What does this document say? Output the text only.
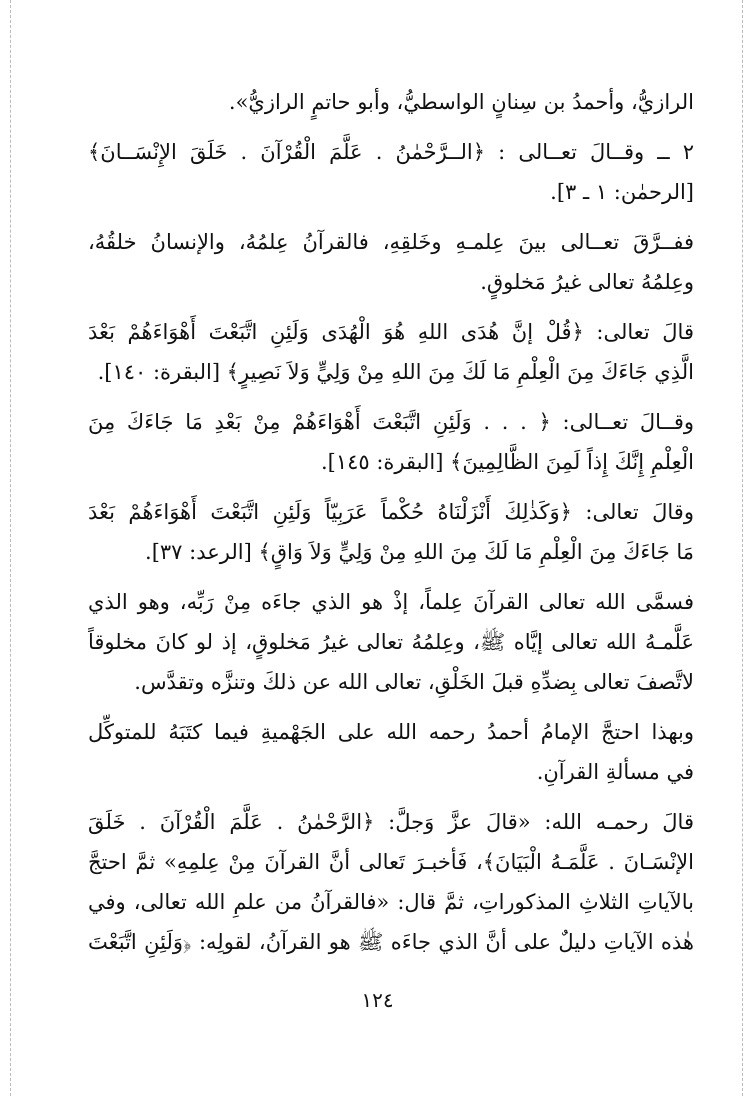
الرازيُّ، وأحمدُ بن سِنانٍ الواسطيُّ، وأبو حاتمٍ الرازيُّ».
٢ ــ وقــالَ تعــالى : ﴿الــرَّحْمٰنُ . عَلَّمَ الْقُرْآنَ . خَلَقَ الإِنْسَــانَ﴾
[الرحمٰن: ١ ـ ٣].
ففــرَّقَ تعــالى بينَ عِلمـهِ وخَلقِهِ، فالقرآنُ عِلمُهُ، والإنسانُ خلقُهُ،
وعِلمُهُ تعالى غيرُ مَخلوقٍ.
قالَ تعالى: ﴿قُلْ إنَّ هُدَى اللهِ هُوَ الْهُدَى وَلَئِنِ اتَّبَعْتَ أَهْوَاءَهُمْ بَعْدَ
الَّذِي جَاءَكَ مِنَ الْعِلْمِ مَا لَكَ مِنَ اللهِ مِنْ وَلِيٍّ وَلاَ نَصِيرٍ﴾ [البقرة: ١٤٠].
وقــالَ تعــالى: ﴿ . . . وَلَئِنِ اتَّبَعْتَ أَهْوَاءَهُمْ مِنْ بَعْدِ مَا جَاءَكَ مِنَ
الْعِلْمِ إِنَّكَ إِذاً لَمِنَ الظَّالِمِينَ﴾ [البقرة: ١٤٥].
وقالَ تعالى: ﴿وَكَذٰلِكَ أَنْزَلْنَاهُ حُكْماً عَرَبِيّاً وَلَئِنِ اتَّبَعْتَ أَهْوَاءَهُمْ بَعْدَ
مَا جَاءَكَ مِنَ الْعِلْمِ مَا لَكَ مِنَ اللهِ مِنْ وَلِيٍّ وَلاَ وَاقٍ﴾ [الرعد: ٣٧].
فسمَّى الله تعالى القرآنَ عِلماً، إذْ هو الذي جاءَه مِنْ رَبِّه، وهو الذي
عَلَّمـهُ الله تعالى إيَّاه ﷺ، وعِلمُهُ تعالى غيرُ مَخلوقٍ، إذ لو كانَ مخلوقاً
لاتَّصفَ تعالى بِضدِّهِ قبلَ الخَلْقِ، تعالى الله عن ذلكَ وتنزَّه وتقدَّس.
وبهذا احتجَّ الإمامُ أحمدُ رحمه الله على الجَهْميةِ فيما كتَبَهُ للمتوكِّل
في مسألةِ القرآنِ.
قالَ رحمـه الله: «قالَ عزَّ وَجلَّ: ﴿الرَّحْمٰنُ . عَلَّمَ الْقُرْآنَ . خَلَقَ
الإنْسَـانَ . عَلَّمَـهُ الْبَيَانَ﴾، فَأخبـرَ تَعالى أنَّ القرآنَ مِنْ عِلمِهِ» ثمَّ احتجَّ
بالآياتِ الثلاثِ المذكوراتِ، ثمَّ قال: «فالقرآنُ من علمِ الله تعالى، وفي
هٰذه الآياتِ دليلٌ على أنَّ الذي جاءَه ﷺ هو القرآنُ، لقولِه: ﴿وَلَئِنِ اتَّبَعْتَ
١٢٤
